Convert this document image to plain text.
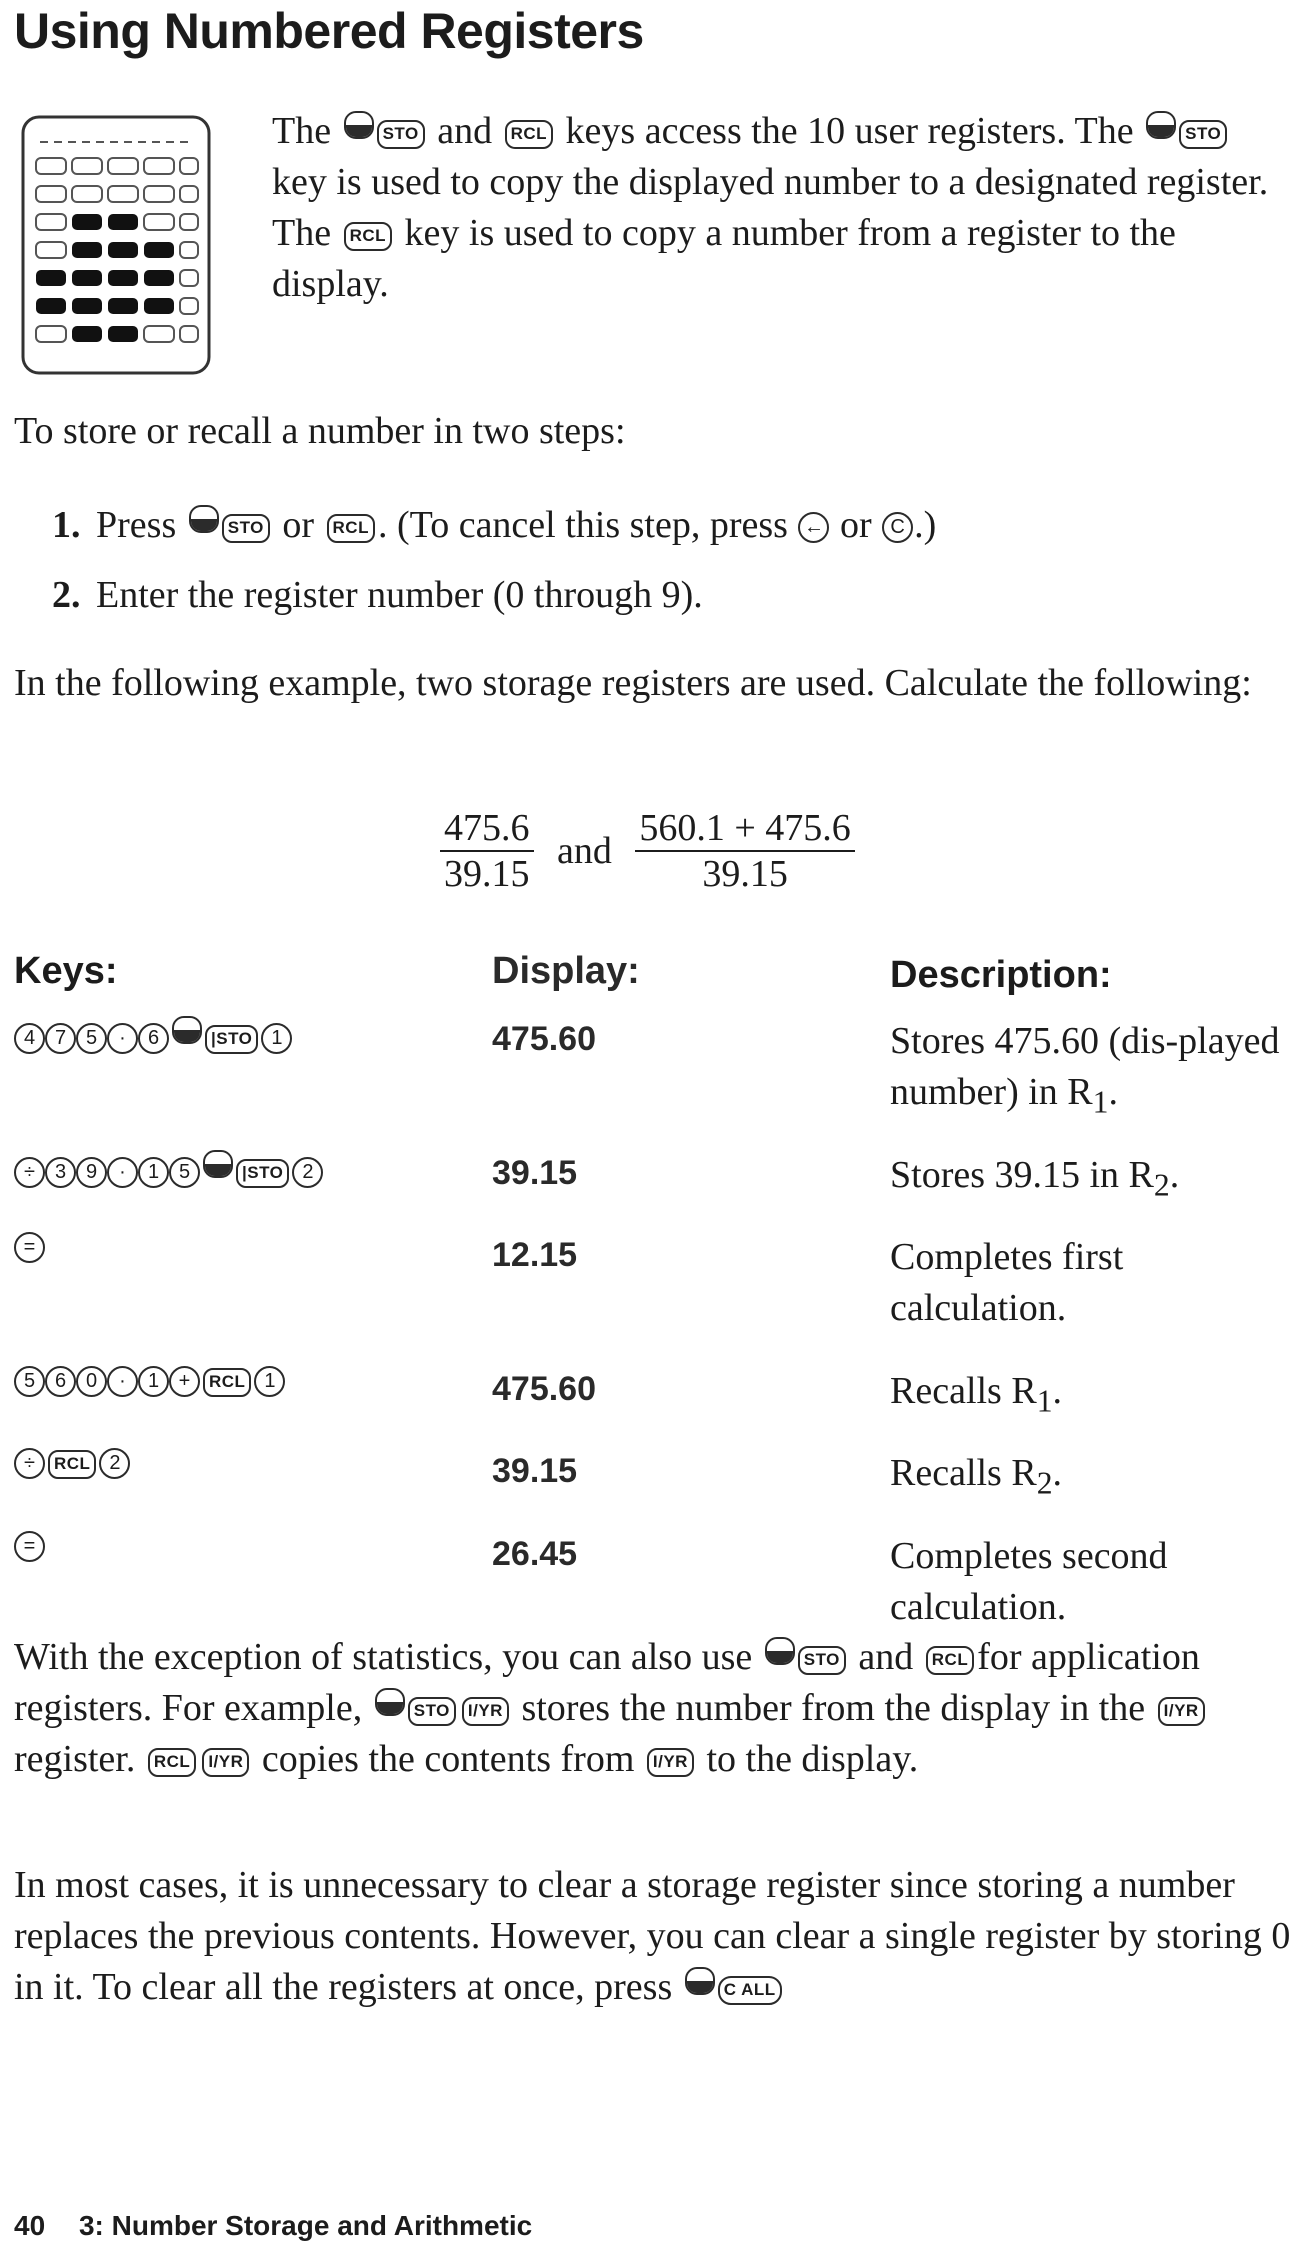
Using Numbered Registers

The	STO and RCL keys access the 10 user registers. The	STO key is used to copy the displayed number to a designated register. The RCL key is used to copy a number from a register to the display.

To store or recall a number in two steps:

1. Press	STO or RCL . (To cancel this step, press ← or C .)
2. Enter the register number (0 through 9).

In the following example, two storage registers are used. Calculate the following:

$\frac{475.6}{39.15}$ and $\frac{560.1 + 475.6}{39.15}$
Keys:	Display:	Description:
4 7 5 · 6 |STO 1	475.60	Stores 475.60 (dis-played number) in $R_1$.
÷ 3 9 · 1 5 |STO 2	39.15	Stores 39.15 in $R_2$.
=	12.15	Completes first calculation.
5 6 0 · 1 + RCL 1	475.60	Recalls $R_1$.
÷ RCL 2	39.15	Recalls $R_2$.
=	26.45	Completes second calculation.

With the exception of statistics, you can also use	STO and RCL for application registers. For example,	STO I/YR stores the number from the display in the I/YR register. RCL I/YR copies the contents from I/YR to the display.

In most cases, it is unnecessary to clear a storage register since storing a number replaces the previous contents. However, you can clear a single register by storing 0 in it. To clear all the registers at once, press	C ALL

40 3: Number Storage and Arithmetic
